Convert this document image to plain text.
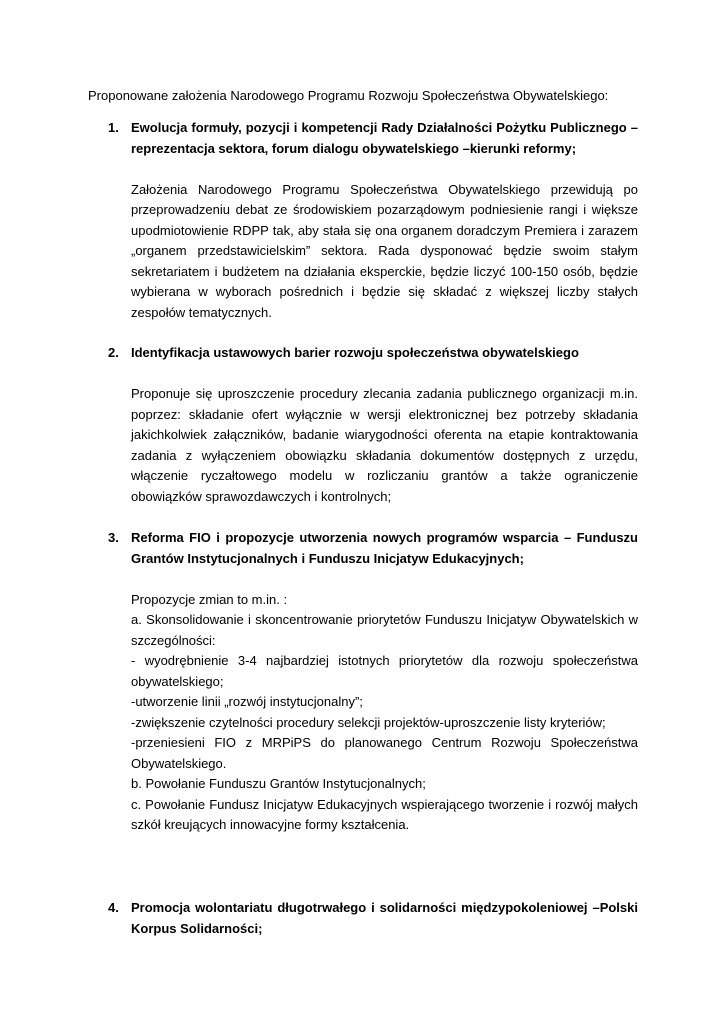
Proponowane założenia Narodowego Programu Rozwoju Społeczeństwa Obywatelskiego:
1. Ewolucja formuły, pozycji i kompetencji Rady Działalności Pożytku Publicznego – reprezentacja sektora, forum dialogu obywatelskiego –kierunki reformy;
Założenia Narodowego Programu Społeczeństwa Obywatelskiego przewidują po przeprowadzeniu debat ze środowiskiem pozarządowym podniesienie rangi i większe upodmiotowienie RDPP tak, aby stała się ona organem doradczym Premiera i zarazem „organem przedstawicielskim” sektora. Rada dysponować będzie swoim stałym sekretariatem i budżetem na działania eksperckie, będzie liczyć 100-150 osób, będzie wybierana w wyborach pośrednich i będzie się składać z większej liczby stałych zespołów tematycznych.
2. Identyfikacja ustawowych barier rozwoju społeczeństwa obywatelskiego
Proponuje się uproszczenie procedury zlecania zadania publicznego organizacji m.in. poprzez: składanie ofert wyłącznie w wersji elektronicznej bez potrzeby składania jakichkolwiek załączników, badanie wiarygodności oferenta na etapie kontraktowania zadania z wyłączeniem obowiązku składania dokumentów dostępnych z urzędu, włączenie ryczałtowego modelu w rozliczaniu grantów a także ograniczenie obowiązków sprawozdawczych i kontrolnych;
3. Reforma FIO i propozycje utworzenia nowych programów wsparcia – Funduszu Grantów Instytucjonalnych i Funduszu Inicjatyw Edukacyjnych;

Propozycje zmian to m.in. :

a. Skonsolidowanie i skoncentrowanie priorytetów Funduszu Inicjatyw Obywatelskich w szczególności:

- wyodrębnienie 3-4 najbardziej istotnych priorytetów dla rozwoju społeczeństwa obywatelskiego;

-utworzenie linii „rozwój instytucjonalny”;

-zwiększenie czytelności procedury selekcji projektów-uproszczenie listy kryteriów;

-przeniesieni FIO z MRPiPS do planowanego Centrum Rozwoju Społeczeństwa Obywatelskiego.

b. Powołanie Funduszu Grantów Instytucjonalnych;

c. Powołanie Fundusz Inicjatyw Edukacyjnych wspierającego tworzenie i rozwój małych szkół kreujących innowacyjne formy kształcenia.

4. Promocja wolontariatu długotrwałego i solidarności międzypokoleniowej –Polski Korpus Solidarności;
